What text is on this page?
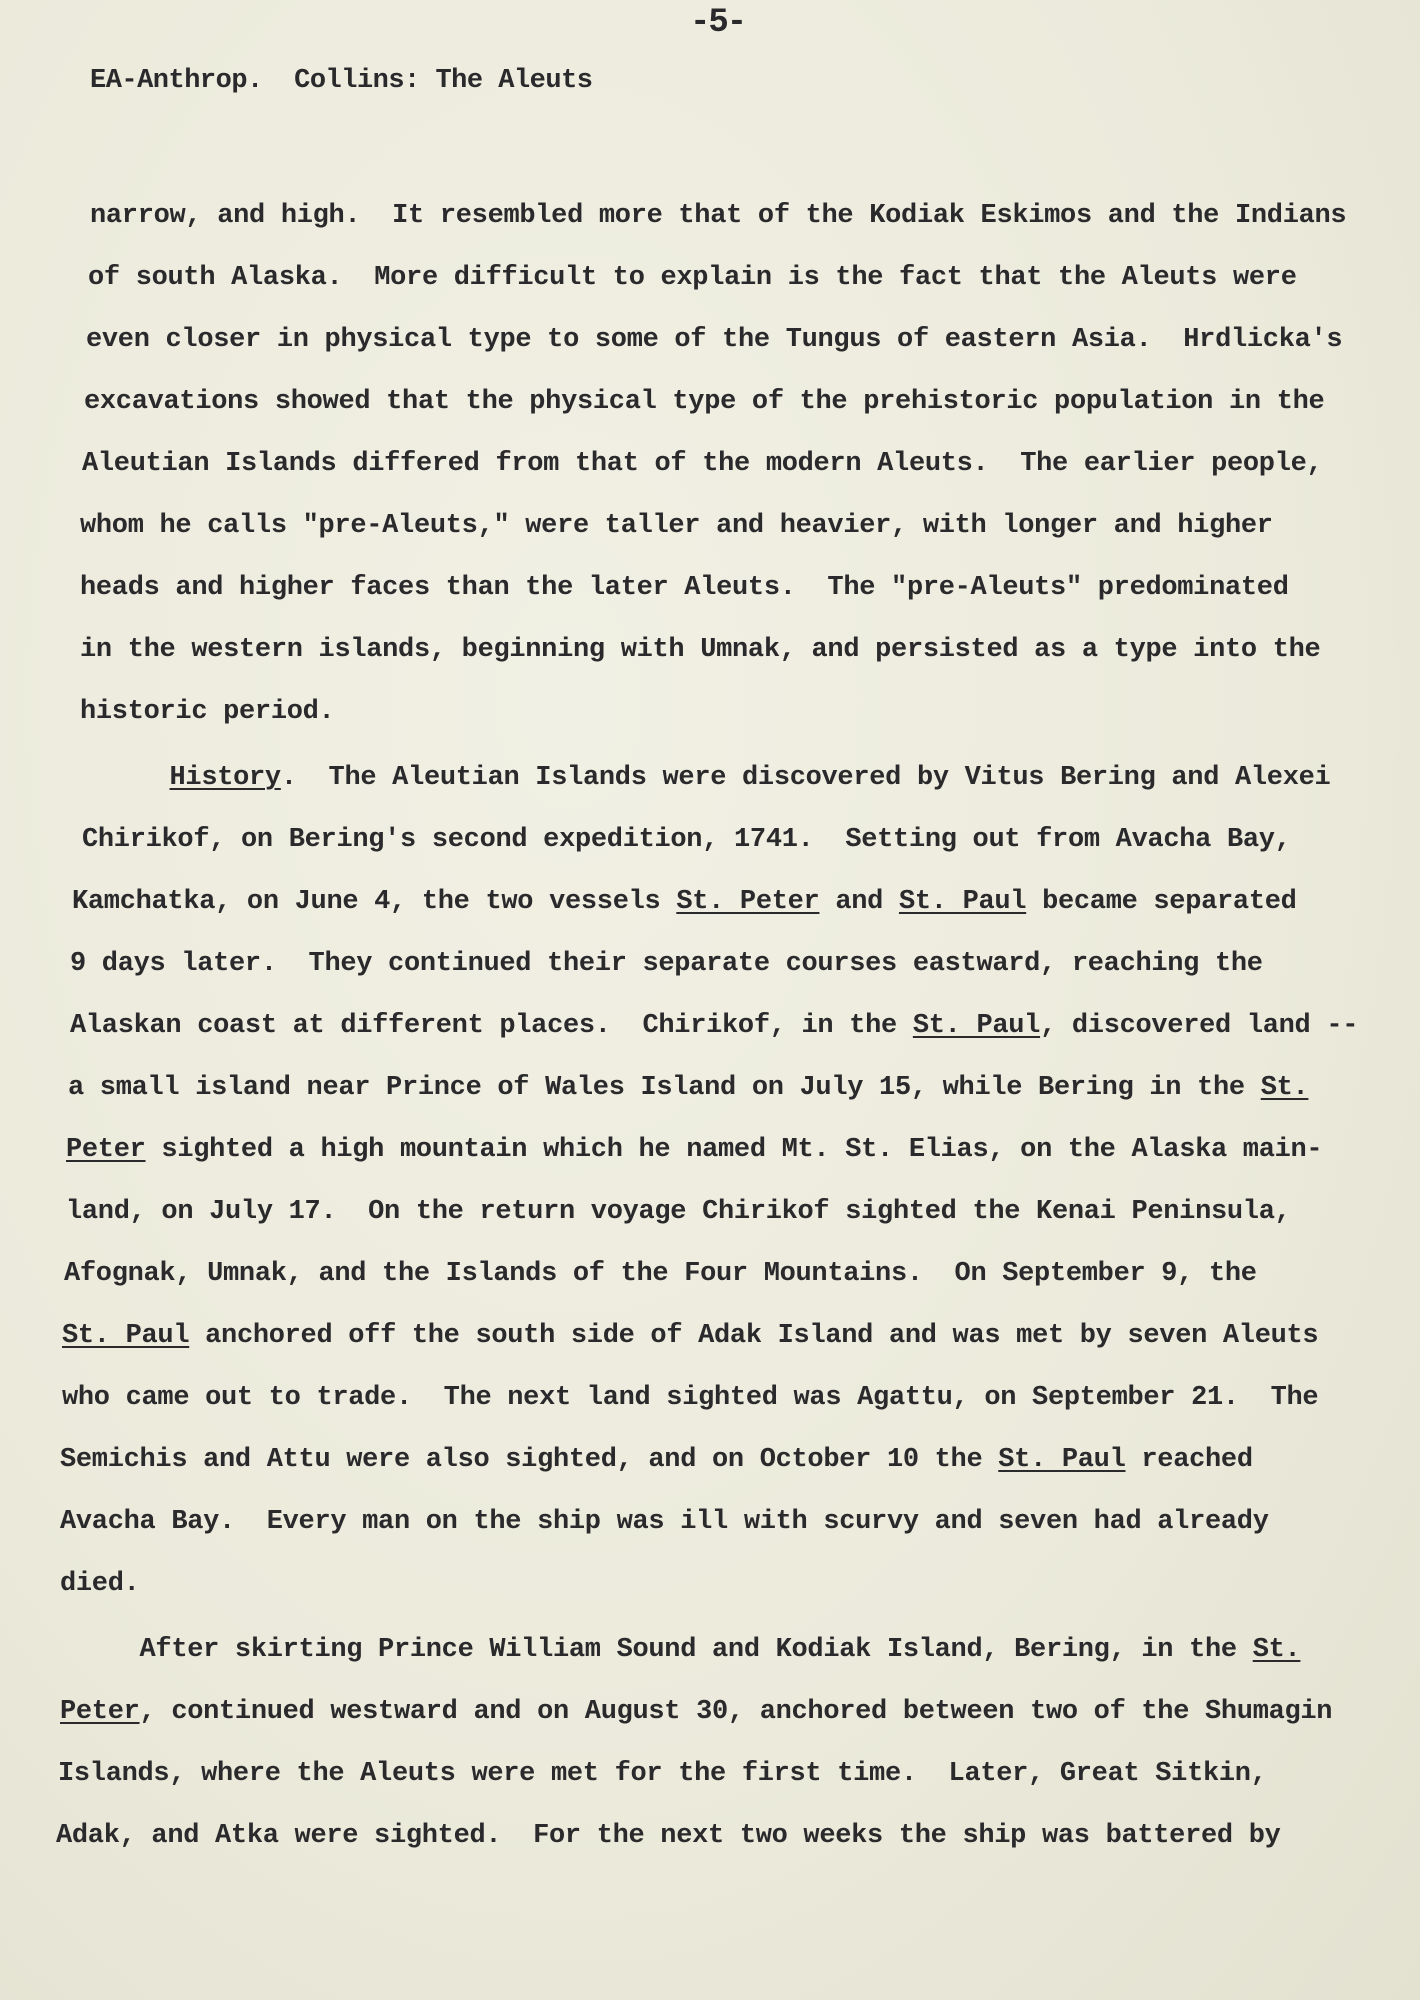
-5-
EA-Anthrop.  Collins: The Aleuts
narrow, and high.  It resembled more that of the Kodiak Eskimos and the Indians
of south Alaska.  More difficult to explain is the fact that the Aleuts were
even closer in physical type to some of the Tungus of eastern Asia.  Hrdlicka's
excavations showed that the physical type of the prehistoric population in the
Aleutian Islands differed from that of the modern Aleuts.  The earlier people,
whom he calls "pre-Aleuts," were taller and heavier, with longer and higher
heads and higher faces than the later Aleuts.  The "pre-Aleuts" predominated
in the western islands, beginning with Umnak, and persisted as a type into the
historic period.
History.  The Aleutian Islands were discovered by Vitus Bering and Alexei
Chirikof, on Bering's second expedition, 1741.  Setting out from Avacha Bay,
Kamchatka, on June 4, the two vessels St. Peter and St. Paul became separated
9 days later.  They continued their separate courses eastward, reaching the
Alaskan coast at different places.  Chirikof, in the St. Paul, discovered land --
a small island near Prince of Wales Island on July 15, while Bering in the St.
Peter sighted a high mountain which he named Mt. St. Elias, on the Alaska main-
land, on July 17.  On the return voyage Chirikof sighted the Kenai Peninsula,
Afognak, Umnak, and the Islands of the Four Mountains.  On September 9, the
St. Paul anchored off the south side of Adak Island and was met by seven Aleuts
who came out to trade.  The next land sighted was Agattu, on September 21.  The
Semichis and Attu were also sighted, and on October 10 the St. Paul reached
Avacha Bay.  Every man on the ship was ill with scurvy and seven had already
died.
After skirting Prince William Sound and Kodiak Island, Bering, in the St.
Peter, continued westward and on August 30, anchored between two of the Shumagin
Islands, where the Aleuts were met for the first time.  Later, Great Sitkin,
Adak, and Atka were sighted.  For the next two weeks the ship was battered by
